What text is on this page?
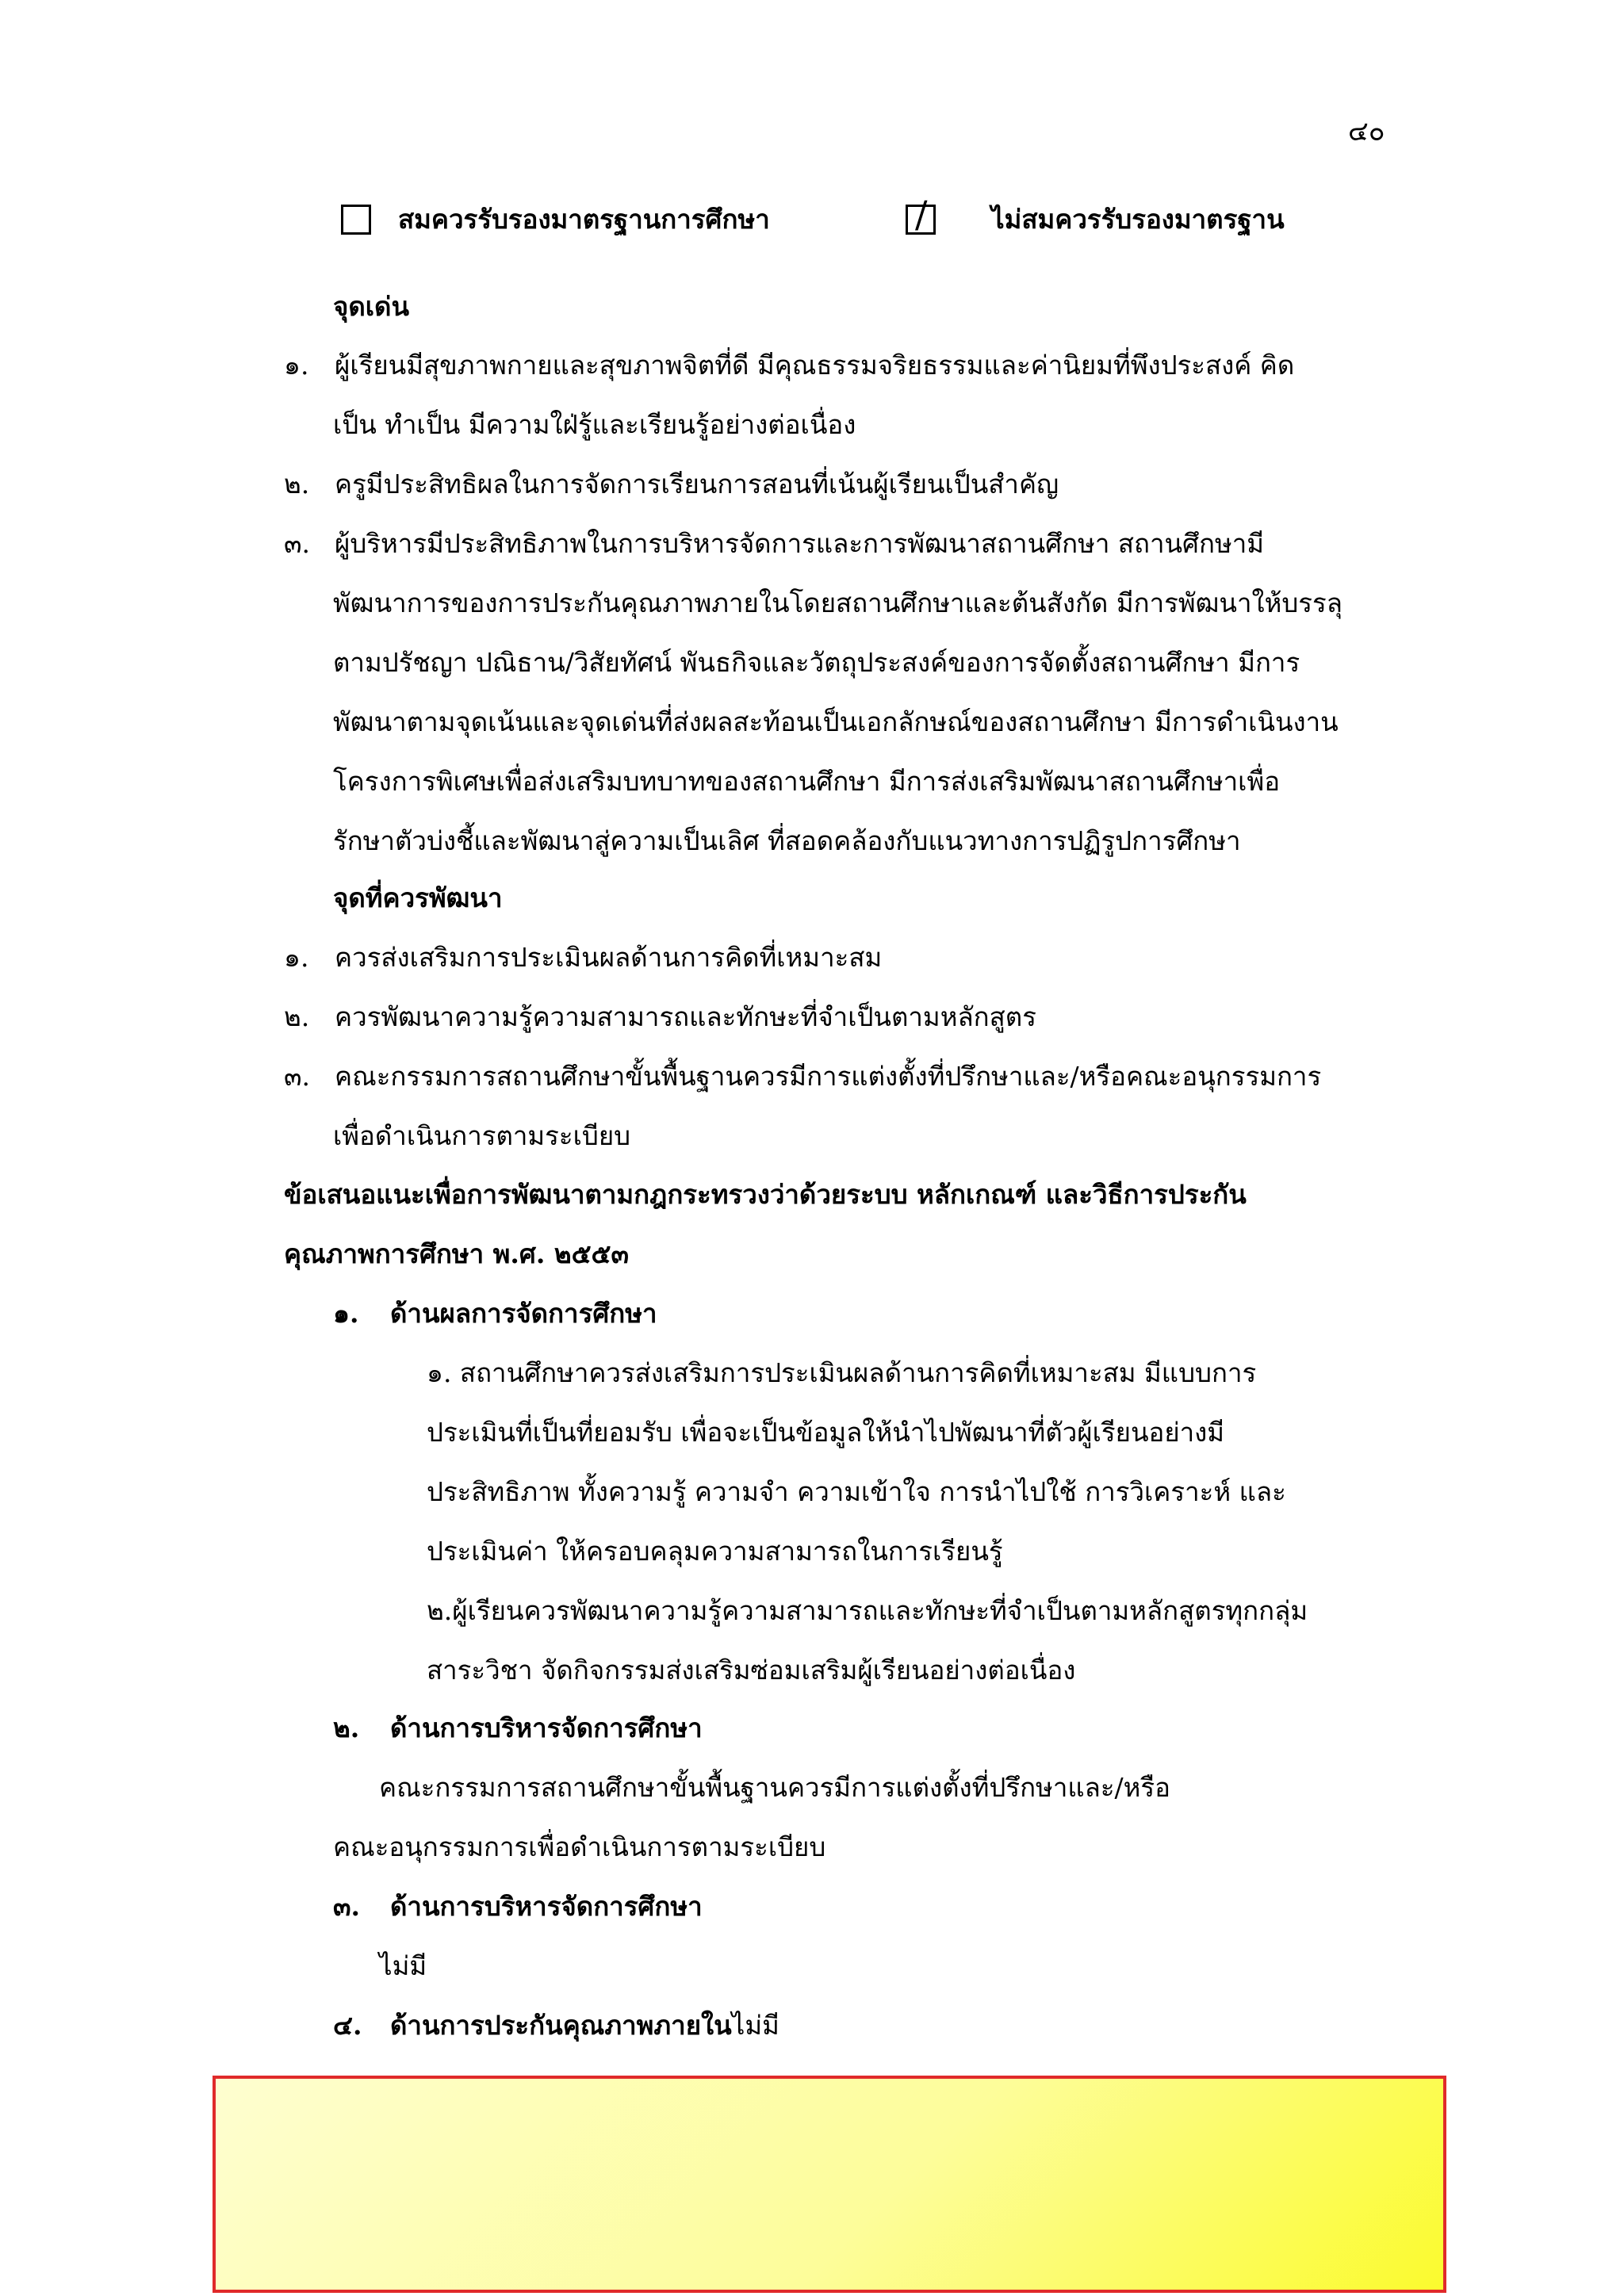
๔๐
สมควรรับรองมาตรฐานการศึกษา	/ ไม่สมควรรับรองมาตรฐาน
จุดเด่น
๑. ผู้เรียนมีสุขภาพกายและสุขภาพจิตที่ดี มีคุณธรรมจริยธรรมและค่านิยมที่พึงประสงค์ คิด
เป็น ทำเป็น มีความใฝ่รู้และเรียนรู้อย่างต่อเนื่อง
๒. ครูมีประสิทธิผลในการจัดการเรียนการสอนที่เน้นผู้เรียนเป็นสำคัญ
๓. ผู้บริหารมีประสิทธิภาพในการบริหารจัดการและการพัฒนาสถานศึกษา สถานศึกษามี
พัฒนาการของการประกันคุณภาพภายในโดยสถานศึกษาและต้นสังกัด มีการพัฒนาให้บรรลุ
ตามปรัชญา ปณิธาน/วิสัยทัศน์ พันธกิจและวัตถุประสงค์ของการจัดตั้งสถานศึกษา มีการ
พัฒนาตามจุดเน้นและจุดเด่นที่ส่งผลสะท้อนเป็นเอกลักษณ์ของสถานศึกษา มีการดำเนินงาน
โครงการพิเศษเพื่อส่งเสริมบทบาทของสถานศึกษา มีการส่งเสริมพัฒนาสถานศึกษาเพื่อ
รักษาตัวบ่งชี้และพัฒนาสู่ความเป็นเลิศ ที่สอดคล้องกับแนวทางการปฏิรูปการศึกษา
จุดที่ควรพัฒนา
๑. ควรส่งเสริมการประเมินผลด้านการคิดที่เหมาะสม
๒. ควรพัฒนาความรู้ความสามารถและทักษะที่จำเป็นตามหลักสูตร
๓. คณะกรรมการสถานศึกษาขั้นพื้นฐานควรมีการแต่งตั้งที่ปรึกษาและ/หรือคณะอนุกรรมการ
เพื่อดำเนินการตามระเบียบ
ข้อเสนอแนะเพื่อการพัฒนาตามกฎกระทรวงว่าด้วยระบบ หลักเกณฑ์ และวิธีการประกัน
คุณภาพการศึกษา พ.ศ. ๒๕๕๓
๑. ด้านผลการจัดการศึกษา
๑. สถานศึกษาควรส่งเสริมการประเมินผลด้านการคิดที่เหมาะสม มีแบบการ
ประเมินที่เป็นที่ยอมรับ เพื่อจะเป็นข้อมูลให้นำไปพัฒนาที่ตัวผู้เรียนอย่างมี
ประสิทธิภาพ ทั้งความรู้ ความจำ ความเข้าใจ การนำไปใช้ การวิเคราะห์ และ
ประเมินค่า ให้ครอบคลุมความสามารถในการเรียนรู้
๒.ผู้เรียนควรพัฒนาความรู้ความสามารถและทักษะที่จำเป็นตามหลักสูตรทุกกลุ่ม
สาระวิชา จัดกิจกรรมส่งเสริมซ่อมเสริมผู้เรียนอย่างต่อเนื่อง
๒. ด้านการบริหารจัดการศึกษา
คณะกรรมการสถานศึกษาขั้นพื้นฐานควรมีการแต่งตั้งที่ปรึกษาและ/หรือ
คณะอนุกรรมการเพื่อดำเนินการตามระเบียบ
๓. ด้านการบริหารจัดการศึกษา
ไม่มี
๔. ด้านการประกันคุณภาพภายในไม่มี
